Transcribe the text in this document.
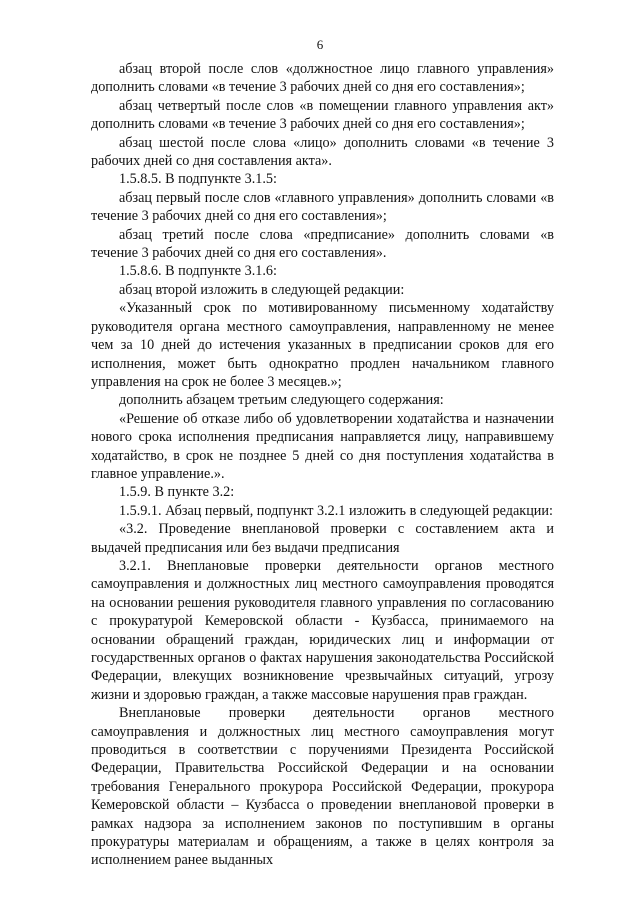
6

абзац второй после слов «должностное лицо главного управления» дополнить словами «в течение 3 рабочих дней со дня его составления»;

абзац четвертый после слов «в помещении главного управления акт» дополнить словами «в течение 3 рабочих дней со дня его составления»;

абзац шестой после слова «лицо» дополнить словами «в течение 3 рабочих дней со дня составления акта».

1.5.8.5. В подпункте 3.1.5:

абзац первый после слов «главного управления» дополнить словами «в течение 3 рабочих дней со дня его составления»;

абзац третий после слова «предписание» дополнить словами «в течение 3 рабочих дней со дня его составления».

1.5.8.6. В подпункте 3.1.6:

абзац второй изложить в следующей редакции:

«Указанный срок по мотивированному письменному ходатайству руководителя органа местного самоуправления, направленному не менее чем за 10 дней до истечения указанных в предписании сроков для его исполнения, может быть однократно продлен начальником главного управления на срок не более 3 месяцев.»;

дополнить абзацем третьим следующего содержания:

«Решение об отказе либо об удовлетворении ходатайства и назначении нового срока исполнения предписания направляется лицу, направившему ходатайство, в срок не позднее 5 дней со дня поступления ходатайства в главное управление.».

1.5.9. В пункте 3.2:

1.5.9.1. Абзац первый, подпункт 3.2.1 изложить в следующей редакции:

«3.2. Проведение внеплановой проверки с составлением акта и выдачей предписания или без выдачи предписания

3.2.1. Внеплановые проверки деятельности органов местного самоуправления и должностных лиц местного самоуправления проводятся на основании решения руководителя главного управления по согласованию с прокуратурой Кемеровской области - Кузбасса, принимаемого на основании обращений граждан, юридических лиц и информации от государственных органов о фактах нарушения законодательства Российской Федерации, влекущих возникновение чрезвычайных ситуаций, угрозу жизни и здоровью граждан, а также массовые нарушения прав граждан.

Внеплановые проверки деятельности органов местного самоуправления и должностных лиц местного самоуправления могут проводиться в соответствии с поручениями Президента Российской Федерации, Правительства Российской Федерации и на основании требования Генерального прокурора Российской Федерации, прокурора Кемеровской области – Кузбасса о проведении внеплановой проверки в рамках надзора за исполнением законов по поступившим в органы прокуратуры материалам и обращениям, а также в целях контроля за исполнением ранее выданных
